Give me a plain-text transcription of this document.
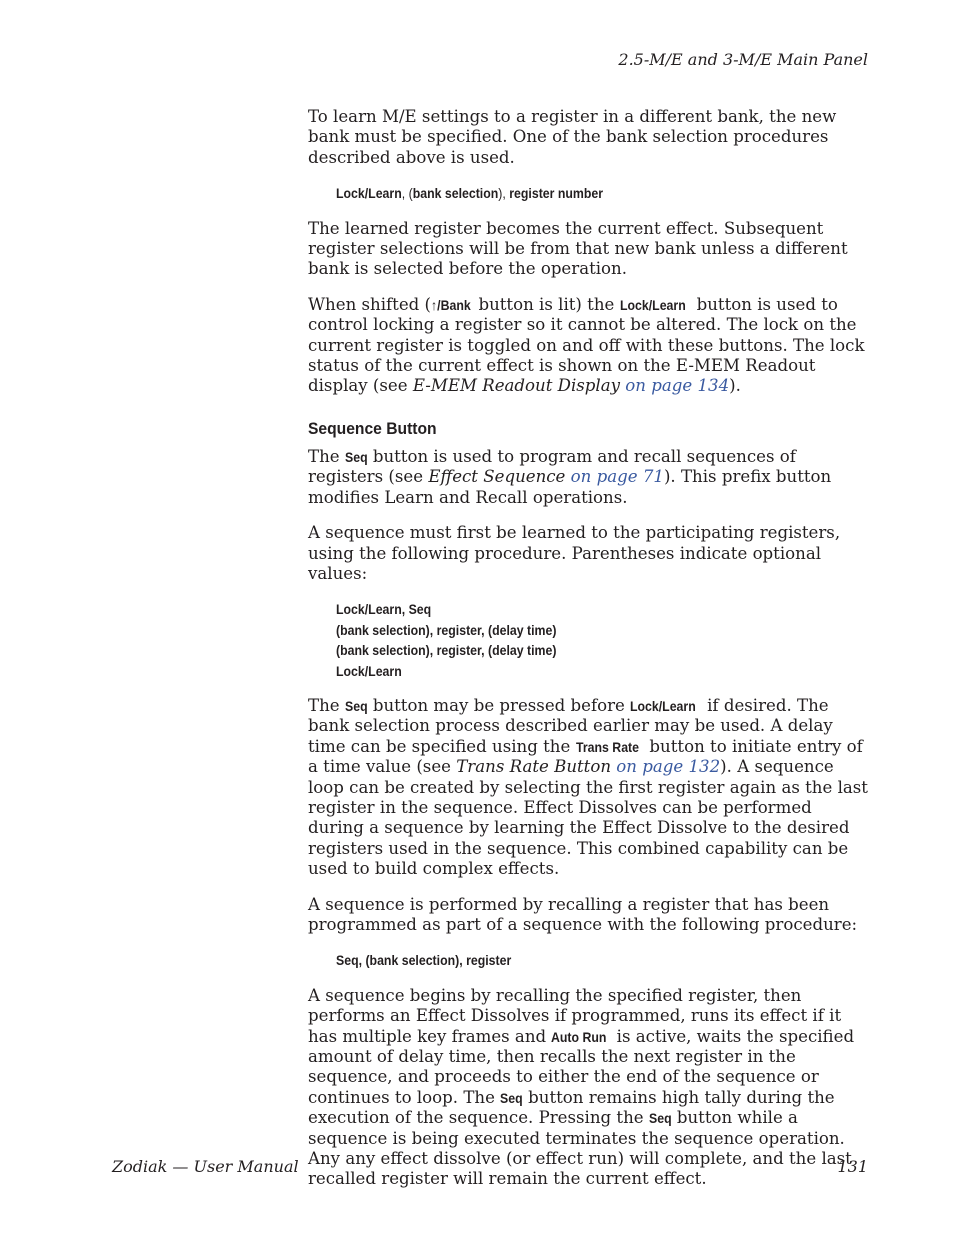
2.5-M/E and 3-M/E Main Panel

To learn M/E settings to a register in a different bank, the new bank must be specified. One of the bank selection procedures described above is used.

Lock/Learn, (bank selection), register number

The learned register becomes the current effect. Subsequent register selections will be from that new bank unless a different bank is selected before the operation.

When shifted (↑/Bank button is lit) the Lock/Learn button is used to control locking a register so it cannot be altered. The lock on the current register is toggled on and off with these buttons. The lock status of the current effect is shown on the E-MEM Readout display (see E-MEM Readout Display on page 134).

Sequence Button

The Seq button is used to program and recall sequences of registers (see Effect Sequence on page 71). This prefix button modifies Learn and Recall operations.

A sequence must first be learned to the participating registers, using the following procedure. Parentheses indicate optional values:

Lock/Learn, Seq
(bank selection), register, (delay time)
(bank selection), register, (delay time)
Lock/Learn

The Seq button may be pressed before Lock/Learn if desired. The bank selection process described earlier may be used. A delay time can be specified using the Trans Rate button to initiate entry of a time value (see Trans Rate Button on page 132). A sequence loop can be created by selecting the first register again as the last register in the sequence. Effect Dissolves can be performed during a sequence by learning the Effect Dissolve to the desired registers used in the sequence. This combined capability can be used to build complex effects.

A sequence is performed by recalling a register that has been programmed as part of a sequence with the following procedure:

Seq, (bank selection), register

A sequence begins by recalling the specified register, then performs an Effect Dissolves if programmed, runs its effect if it has multiple key frames and Auto Run is active, waits the specified amount of delay time, then recalls the next register in the sequence, and proceeds to either the end of the sequence or continues to loop. The Seq button remains high tally during the execution of the sequence. Pressing the Seq button while a sequence is being executed terminates the sequence operation. Any any effect dissolve (or effect run) will complete, and the last recalled register will remain the current effect.

Zodiak — User Manual	131
